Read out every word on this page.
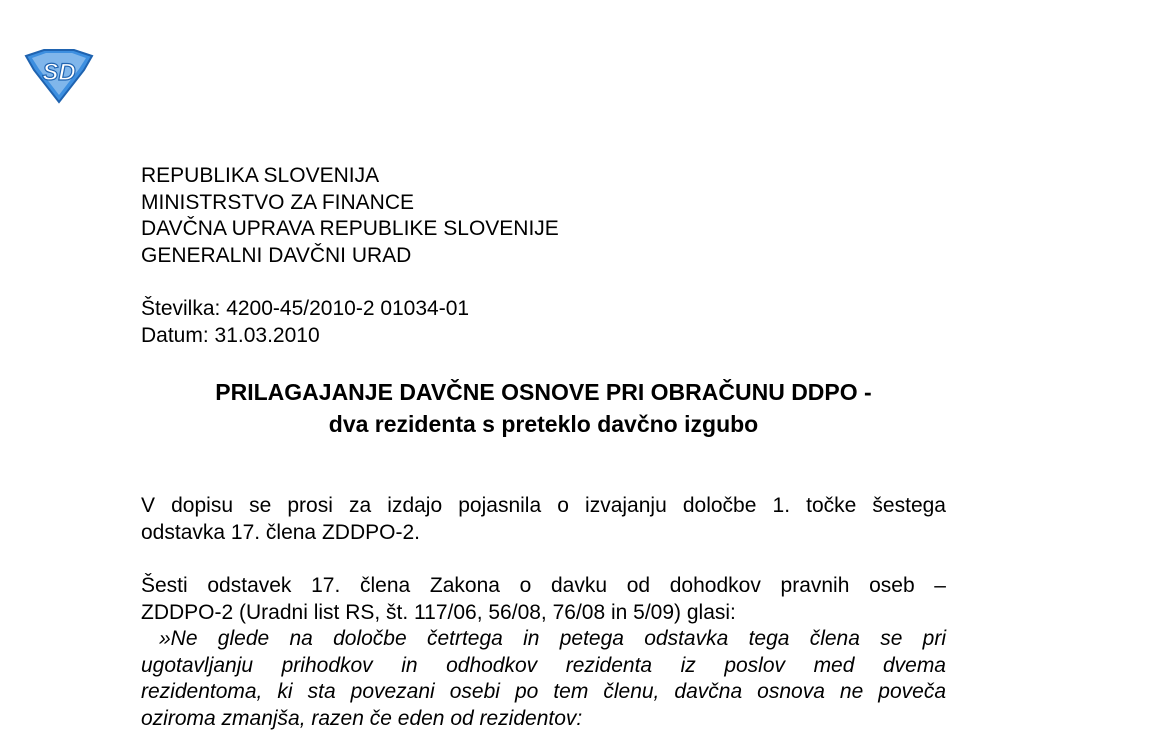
SD
REPUBLIKA SLOVENIJA
MINISTRSTVO ZA FINANCE
DAVČNA UPRAVA REPUBLIKE SLOVENIJE
GENERALNI DAVČNI URAD
Številka: 4200-45/2010-2 01034-01
Datum: 31.03.2010
PRILAGAJANJE DAVČNE OSNOVE PRI OBRAČUNU DDPO -
dva rezidenta s preteklo davčno izgubo
V dopisu se prosi za izdajo pojasnila o izvajanju določbe 1. točke šestega
odstavka 17. člena ZDDPO-2.
Šesti odstavek 17. člena Zakona o davku od dohodkov pravnih oseb –
ZDDPO-2 (Uradni list RS, št. 117/06, 56/08, 76/08 in 5/09) glasi:
»Ne glede na določbe četrtega in petega odstavka tega člena se pri
ugotavljanju prihodkov in odhodkov rezidenta iz poslov med dvema
rezidentoma, ki sta povezani osebi po tem členu, davčna osnova ne poveča
oziroma zmanjša, razen če eden od rezidentov:
